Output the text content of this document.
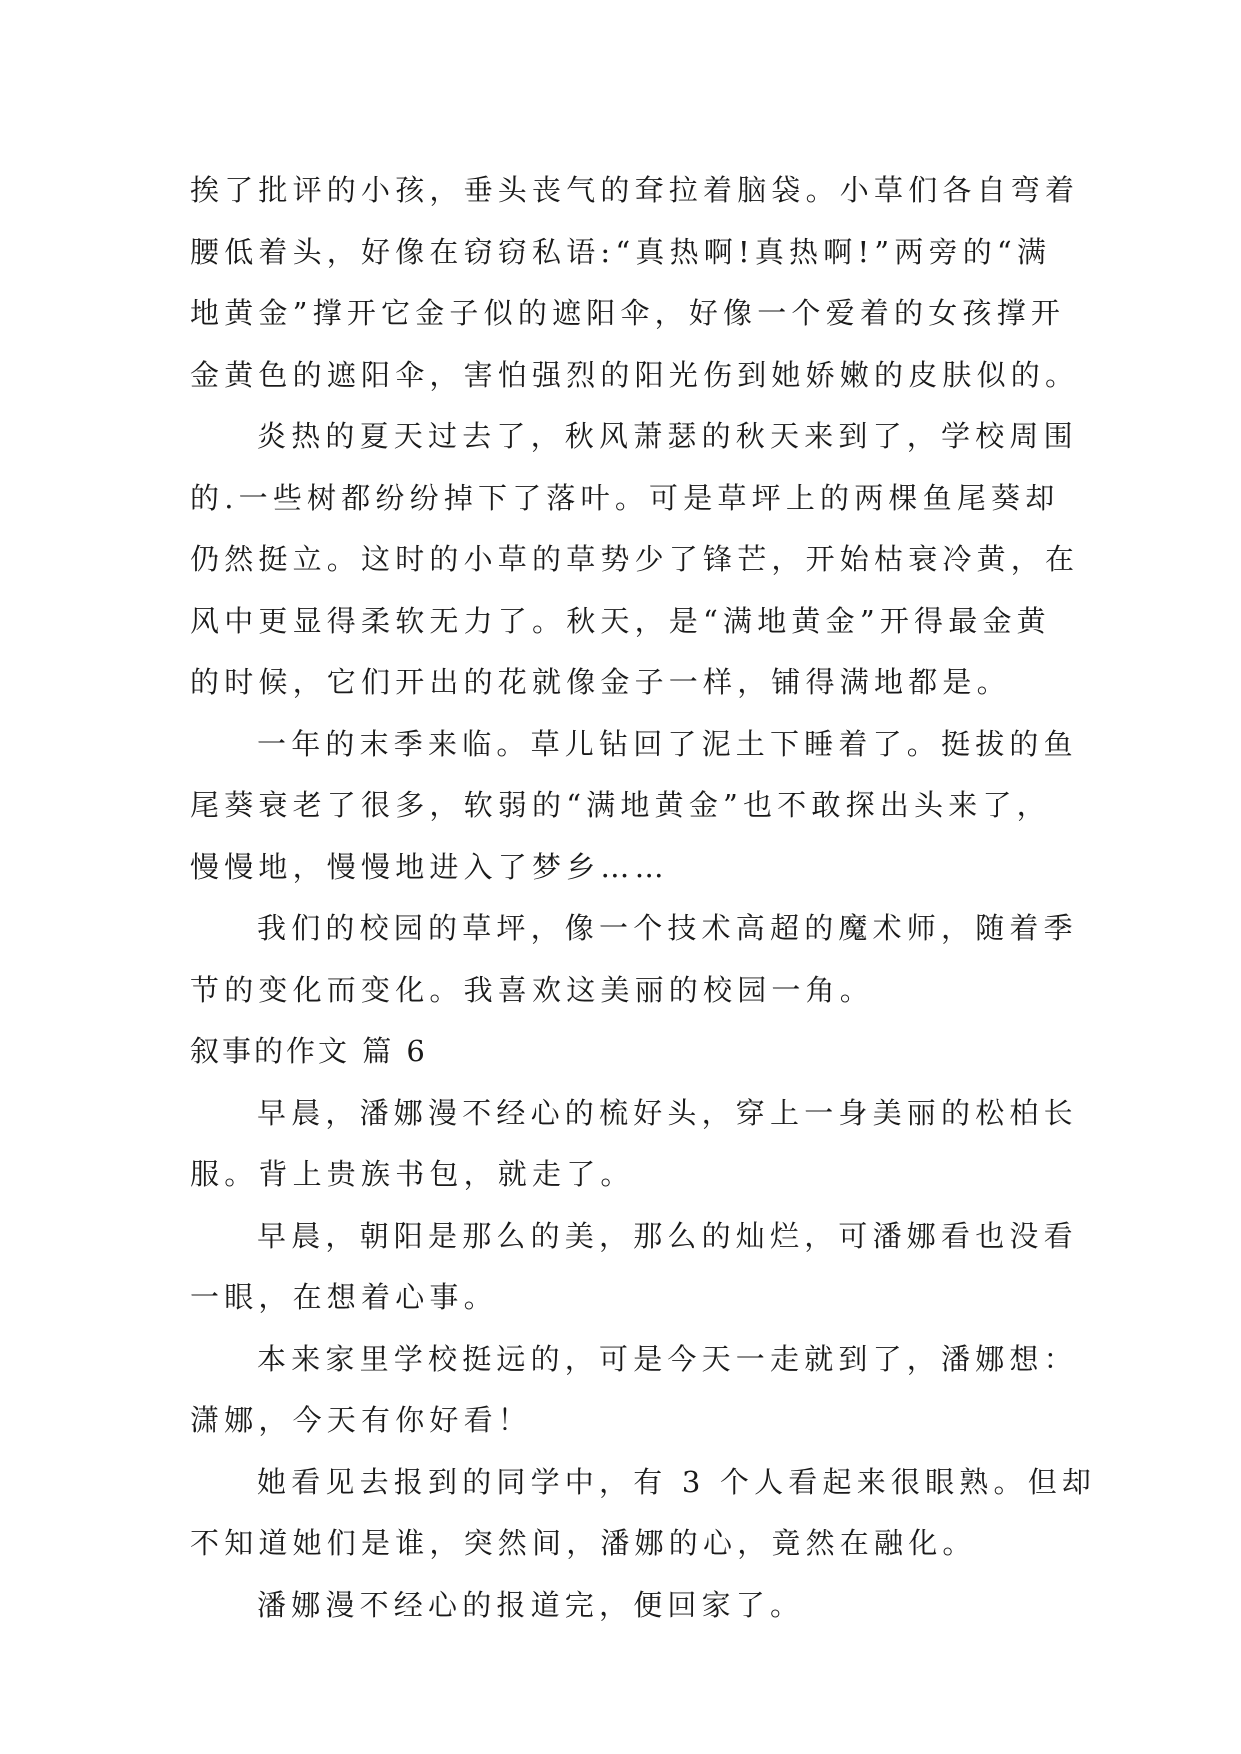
挨了批评的小孩，垂头丧气的耷拉着脑袋。小草们各自弯着
腰低着头，好像在窃窃私语:“真热啊!真热啊!”两旁的“满
地黄金”撑开它金子似的遮阳伞，好像一个爱着的女孩撑开
金黄色的遮阳伞，害怕强烈的阳光伤到她娇嫩的皮肤似的。
炎热的夏天过去了，秋风萧瑟的秋天来到了，学校周围
的.一些树都纷纷掉下了落叶。可是草坪上的两棵鱼尾葵却
仍然挺立。这时的小草的草势少了锋芒，开始枯衰冷黄，在
风中更显得柔软无力了。秋天，是“满地黄金”开得最金黄
的时候，它们开出的花就像金子一样，铺得满地都是。
一年的末季来临。草儿钻回了泥土下睡着了。挺拔的鱼
尾葵衰老了很多，软弱的“满地黄金”也不敢探出头来了，
慢慢地，慢慢地进入了梦乡……
我们的校园的草坪，像一个技术高超的魔术师，随着季
节的变化而变化。我喜欢这美丽的校园一角。
叙事的作文 篇 6
早晨，潘娜漫不经心的梳好头，穿上一身美丽的松柏长
服。背上贵族书包，就走了。
早晨，朝阳是那么的美，那么的灿烂，可潘娜看也没看
一眼，在想着心事。
本来家里学校挺远的，可是今天一走就到了，潘娜想：
潇娜，今天有你好看！
她看见去报到的同学中，有 3 个人看起来很眼熟。但却
不知道她们是谁，突然间，潘娜的心，竟然在融化。
潘娜漫不经心的报道完，便回家了。
